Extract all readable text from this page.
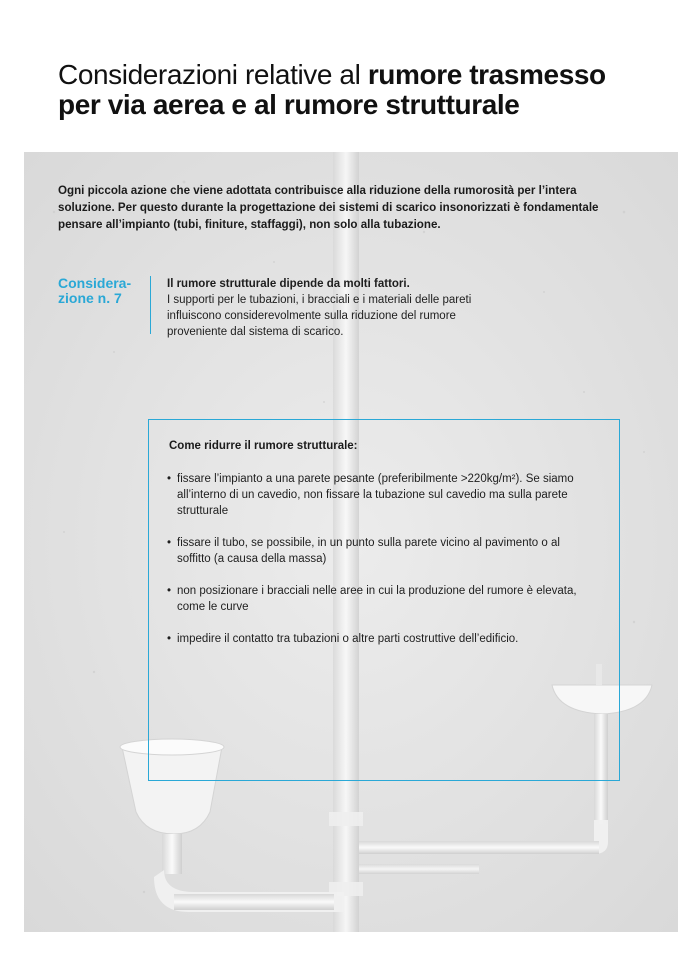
Considerazioni relative al rumore trasmesso
per via aerea e al rumore strutturale
Ogni piccola azione che viene adottata contribuisce alla riduzione della rumorosità per l’intera soluzione. Per questo durante la progettazione dei sistemi di scarico insonorizzati è fondamentale pensare all’impianto (tubi, finiture, staffaggi), non solo alla tubazione.
Considera-zione n. 7
Il rumore strutturale dipende da molti fattori.
I supporti per le tubazioni, i bracciali e i materiali delle pareti influiscono considerevolmente sulla riduzione del rumore proveniente dal sistema di scarico.
Come ridurre il rumore strutturale:
• fissare l’impianto a una parete pesante (preferibilmente >220kg/m²). Se siamo all’interno di un cavedio, non fissare la tubazione sul cavedio ma sulla parete strutturale
• fissare il tubo, se possibile, in un punto sulla parete vicino al pavimento o al soffitto (a causa della massa)
• non posizionare i bracciali nelle aree in cui la produzione del rumore è elevata, come le curve
• impedire il contatto tra tubazioni o altre parti costruttive dell’edificio.
